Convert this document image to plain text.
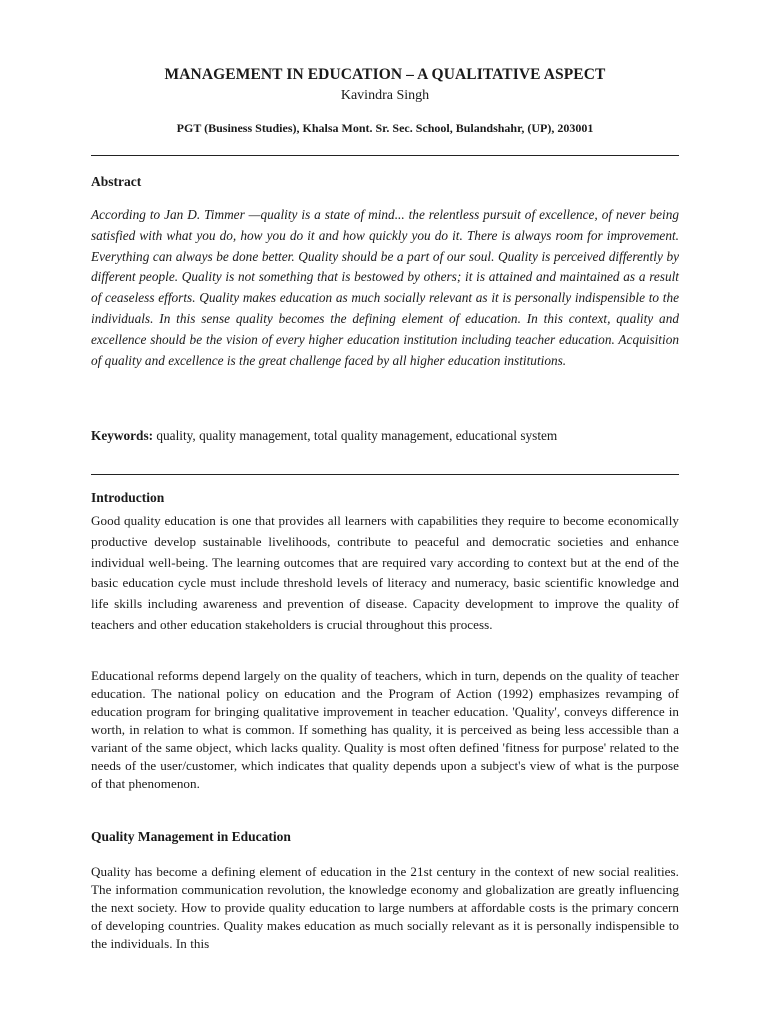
MANAGEMENT IN EDUCATION – A QUALITATIVE ASPECT
Kavindra Singh
PGT (Business Studies), Khalsa Mont. Sr. Sec. School, Bulandshahr, (UP), 203001
Abstract

According to Jan D. Timmer —quality is a state of mind... the relentless pursuit of excellence, of never being satisfied with what you do, how you do it and how quickly you do it. There is always room for improvement. Everything can always be done better. Quality should be a part of our soul. Quality is perceived differently by different people. Quality is not something that is bestowed by others; it is attained and maintained as a result of ceaseless efforts. Quality makes education as much socially relevant as it is personally indispensible to the individuals. In this sense quality becomes the defining element of education. In this context, quality and excellence should be the vision of every higher education institution including teacher education. Acquisition of quality and excellence is the great challenge faced by all higher education institutions.

Keywords: quality, quality management, total quality management, educational system
Introduction

Good quality education is one that provides all learners with capabilities they require to become economically productive develop sustainable livelihoods, contribute to peaceful and democratic societies and enhance individual well-being. The learning outcomes that are required vary according to context but at the end of the basic education cycle must include threshold levels of literacy and numeracy, basic scientific knowledge and life skills including awareness and prevention of disease. Capacity development to improve the quality of teachers and other education stakeholders is crucial throughout this process.

Educational reforms depend largely on the quality of teachers, which in turn, depends on the quality of teacher education. The national policy on education and the Program of Action (1992) emphasizes revamping of education program for bringing qualitative improvement in teacher education. 'Quality', conveys difference in worth, in relation to what is common. If something has quality, it is perceived as being less accessible than a variant of the same object, which lacks quality. Quality is most often defined 'fitness for purpose' related to the needs of the user/customer, which indicates that quality depends upon a subject's view of what is the purpose of that phenomenon.

Quality Management in Education

Quality has become a defining element of education in the 21st century in the context of new social realities. The information communication revolution, the knowledge economy and globalization are greatly influencing the next society. How to provide quality education to large numbers at affordable costs is the primary concern of developing countries. Quality makes education as much socially relevant as it is personally indispensible to the individuals. In this
